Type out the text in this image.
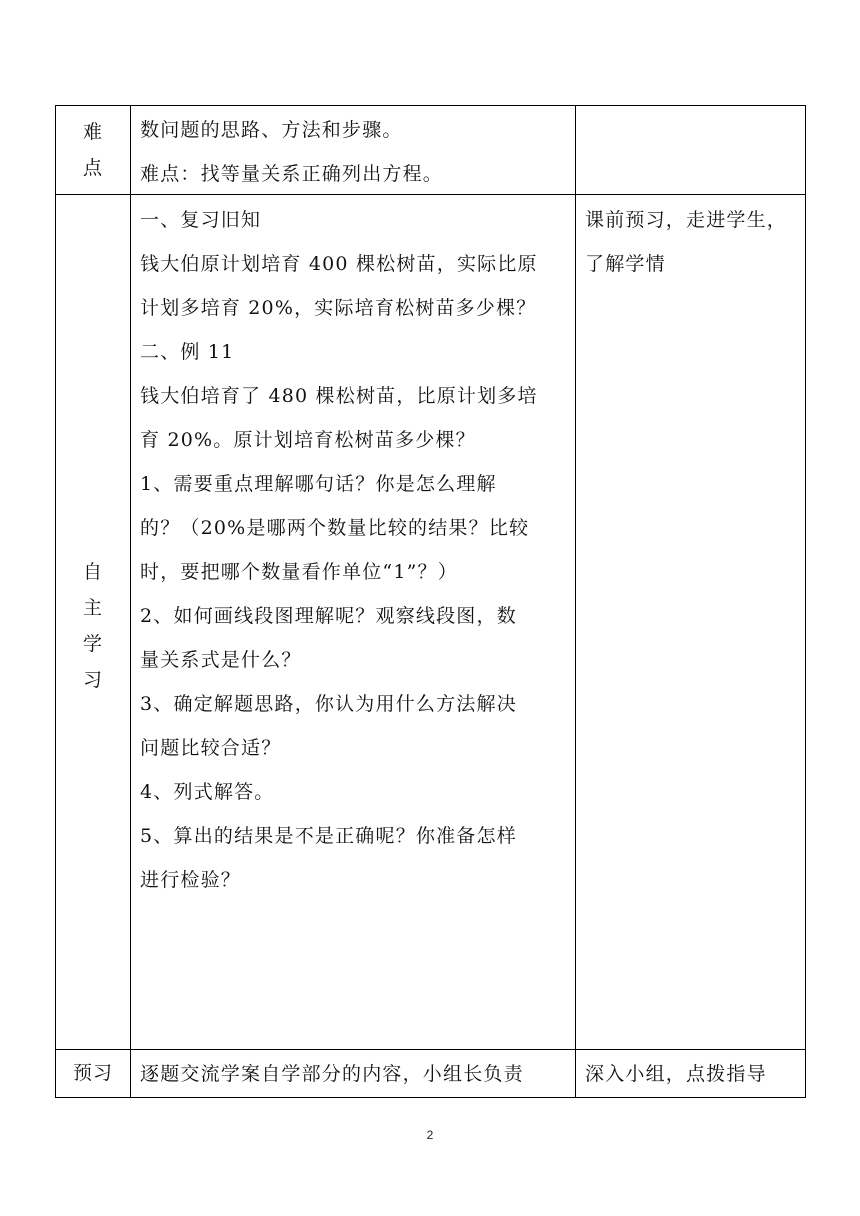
难
点

数问题的思路、方法和步骤。

难点：找等量关系正确列出方程。

自
主
学
习

一、复习旧知

钱大伯原计划培育 400 棵松树苗，实际比原

计划多培育 20%，实际培育松树苗多少棵？

二、例 11

钱大伯培育了 480 棵松树苗，比原计划多培

育 20%。原计划培育松树苗多少棵？

1、需要重点理解哪句话？你是怎么理解

的？（20%是哪两个数量比较的结果？比较

时，要把哪个数量看作单位“1”？）

2、如何画线段图理解呢？观察线段图，数

量关系式是什么？

3、确定解题思路，你认为用什么方法解决

问题比较合适？

4、列式解答。

5、算出的结果是不是正确呢？你准备怎样

进行检验？

课前预习，走进学生，
了解学情
预习 逐题交流学案自学部分的内容，小组长负责	深入小组，点拨指导
2
